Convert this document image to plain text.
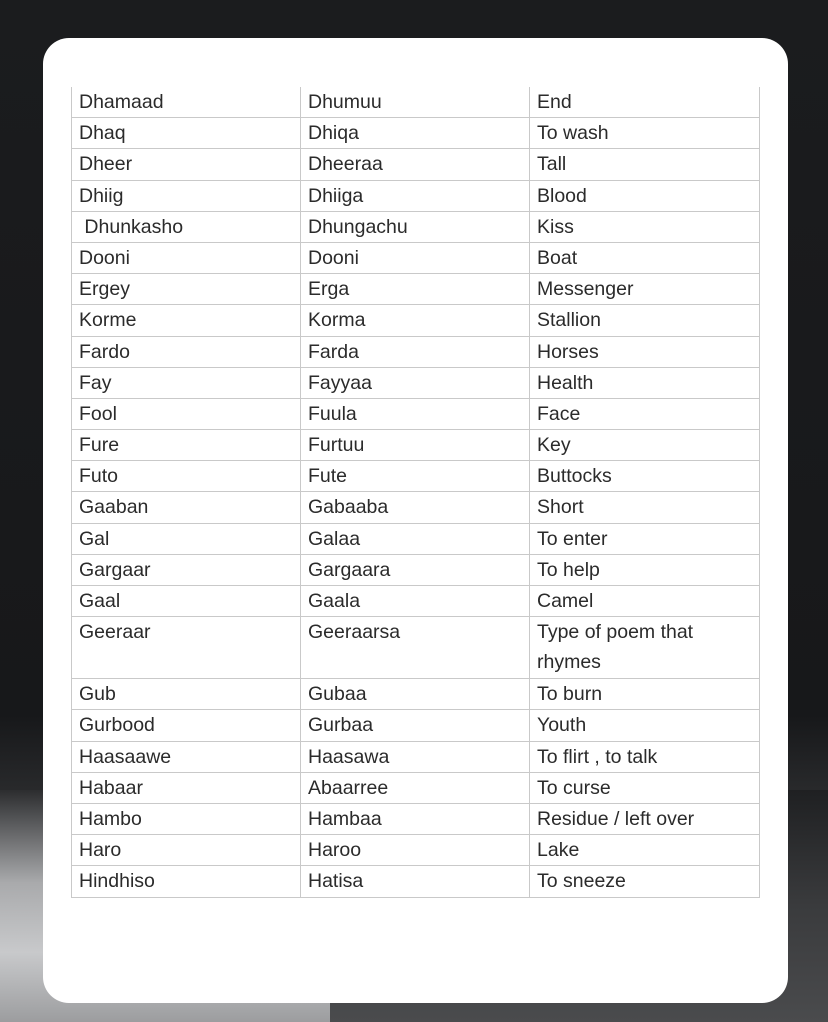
Dhamaad	Dhumuu	End
Dhaq	Dhiqa	To wash
Dheer	Dheeraa	Tall
Dhiig	Dhiiga	Blood
Dhunkasho	Dhungachu	Kiss
Dooni	Dooni	Boat
Ergey	Erga	Messenger
Korme	Korma	Stallion
Fardo	Farda	Horses
Fay	Fayyaa	Health
Fool	Fuula	Face
Fure	Furtuu	Key
Futo	Fute	Buttocks
Gaaban	Gabaaba	Short
Gal	Galaa	To enter
Gargaar	Gargaara	To help
Gaal	Gaala	Camel
Geeraar	Geeraarsa	Type of poem that rhymes
Gub	Gubaa	To burn
Gurbood	Gurbaa	Youth
Haasaawe	Haasawa	To flirt , to talk
Habaar	Abaarree	To curse
Hambo	Hambaa	Residue / left over
Haro	Haroo	Lake
Hindhiso	Hatisa	To sneeze
